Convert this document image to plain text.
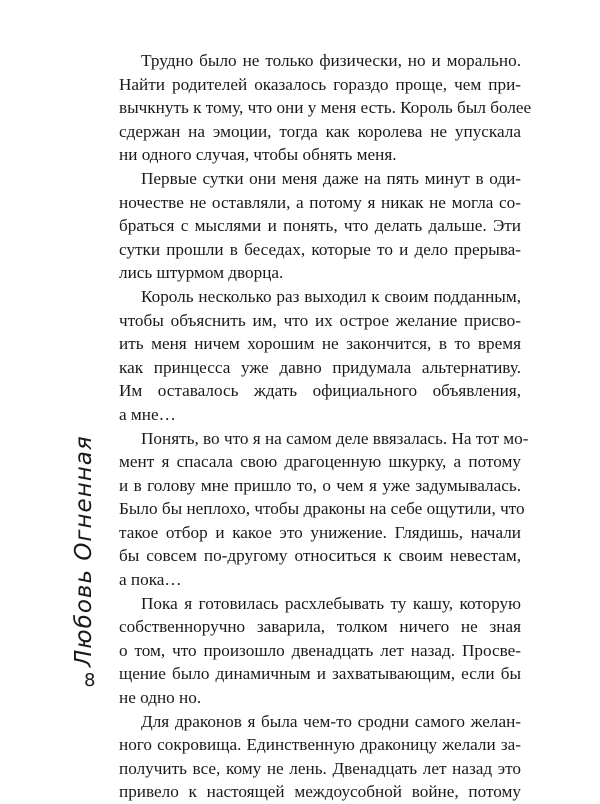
Трудно было не только физически, но и морально.
Найти родителей оказалось гораздо проще, чем при-
вычкнуть к тому, что они у меня есть. Король был более
сдержан на эмоции, тогда как королева не упускала
ни одного случая, чтобы обнять меня.
Первые сутки они меня даже на пять минут в оди-
ночестве не оставляли, а потому я никак не могла со-
браться с мыслями и понять, что делать дальше. Эти
сутки прошли в беседах, которые то и дело прерыва-
лись штурмом дворца.
Король несколько раз выходил к своим подданным,
чтобы объяснить им, что их острое желание присво-
ить меня ничем хорошим не закончится, в то время
как принцесса уже давно придумала альтернативу.
Им оставалось ждать официального объявления,
а мне…
Понять, во что я на самом деле ввязалась. На тот мо-
мент я спасала свою драгоценную шкурку, а потому
и в голову мне пришло то, о чем я уже задумывалась.
Было бы неплохо, чтобы драконы на себе ощутили, что
такое отбор и какое это унижение. Глядишь, начали
бы совсем по-другому относиться к своим невестам,
а пока…
Пока я готовилась расхлебывать ту кашу, которую
собственноручно заварила, толком ничего не зная
о том, что произошло двенадцать лет назад. Просве-
щение было динамичным и захватывающим, если бы
не одно но.
Для драконов я была чем-то сродни самого желан-
ного сокровища. Единственную драконицу желали за-
получить все, кому не лень. Двенадцать лет назад это
привело к настоящей междоусобной войне, потому
Любовь Огненная
8
